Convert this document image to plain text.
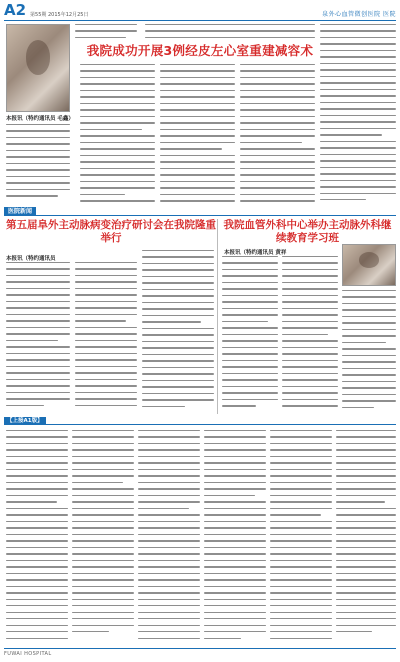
A2 第55期 2015年12月25日	泉外心血管微创医院 医院
我院成功开展3例经皮左心室重建减容术
本报讯（特约通讯员 毛鑫）
医院新闻
第五届阜外主动脉病变治疗研讨会在我院隆重举行
本报讯（特约通讯员
我院血管外科中心举办主动脉外科继续教育学习班
本报讯（特约通讯员 黄祥
【上接A1版】
FUWAI HOSPITAL
